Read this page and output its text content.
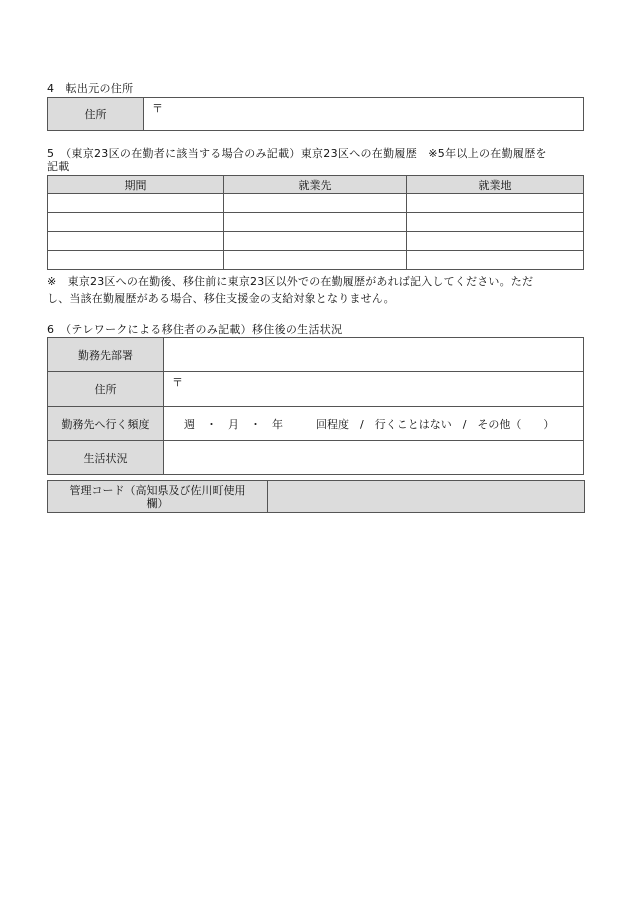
4　転出元の住所
住所	〒
5　（東京23区の在勤者に該当する場合のみ記載）東京23区への在勤履歴　※5年以上の在勤履歴を
記載
期間	就業先	就業地

※　東京23区への在勤後、移住前に東京23区以外での在勤履歴があれば記入してください。ただ
し、当該在勤履歴がある場合、移住支援金の支給対象となりません。
6　（テレワークによる移住者のみ記載）移住後の生活状況
勤務先部署	
住所	〒

勤務先へ行く頻度	週　・　月　・　年　　　回程度　/　行くことはない　/　その他（　　）
生活状況	
管理コード（高知県及び佐川町使用
欄）
